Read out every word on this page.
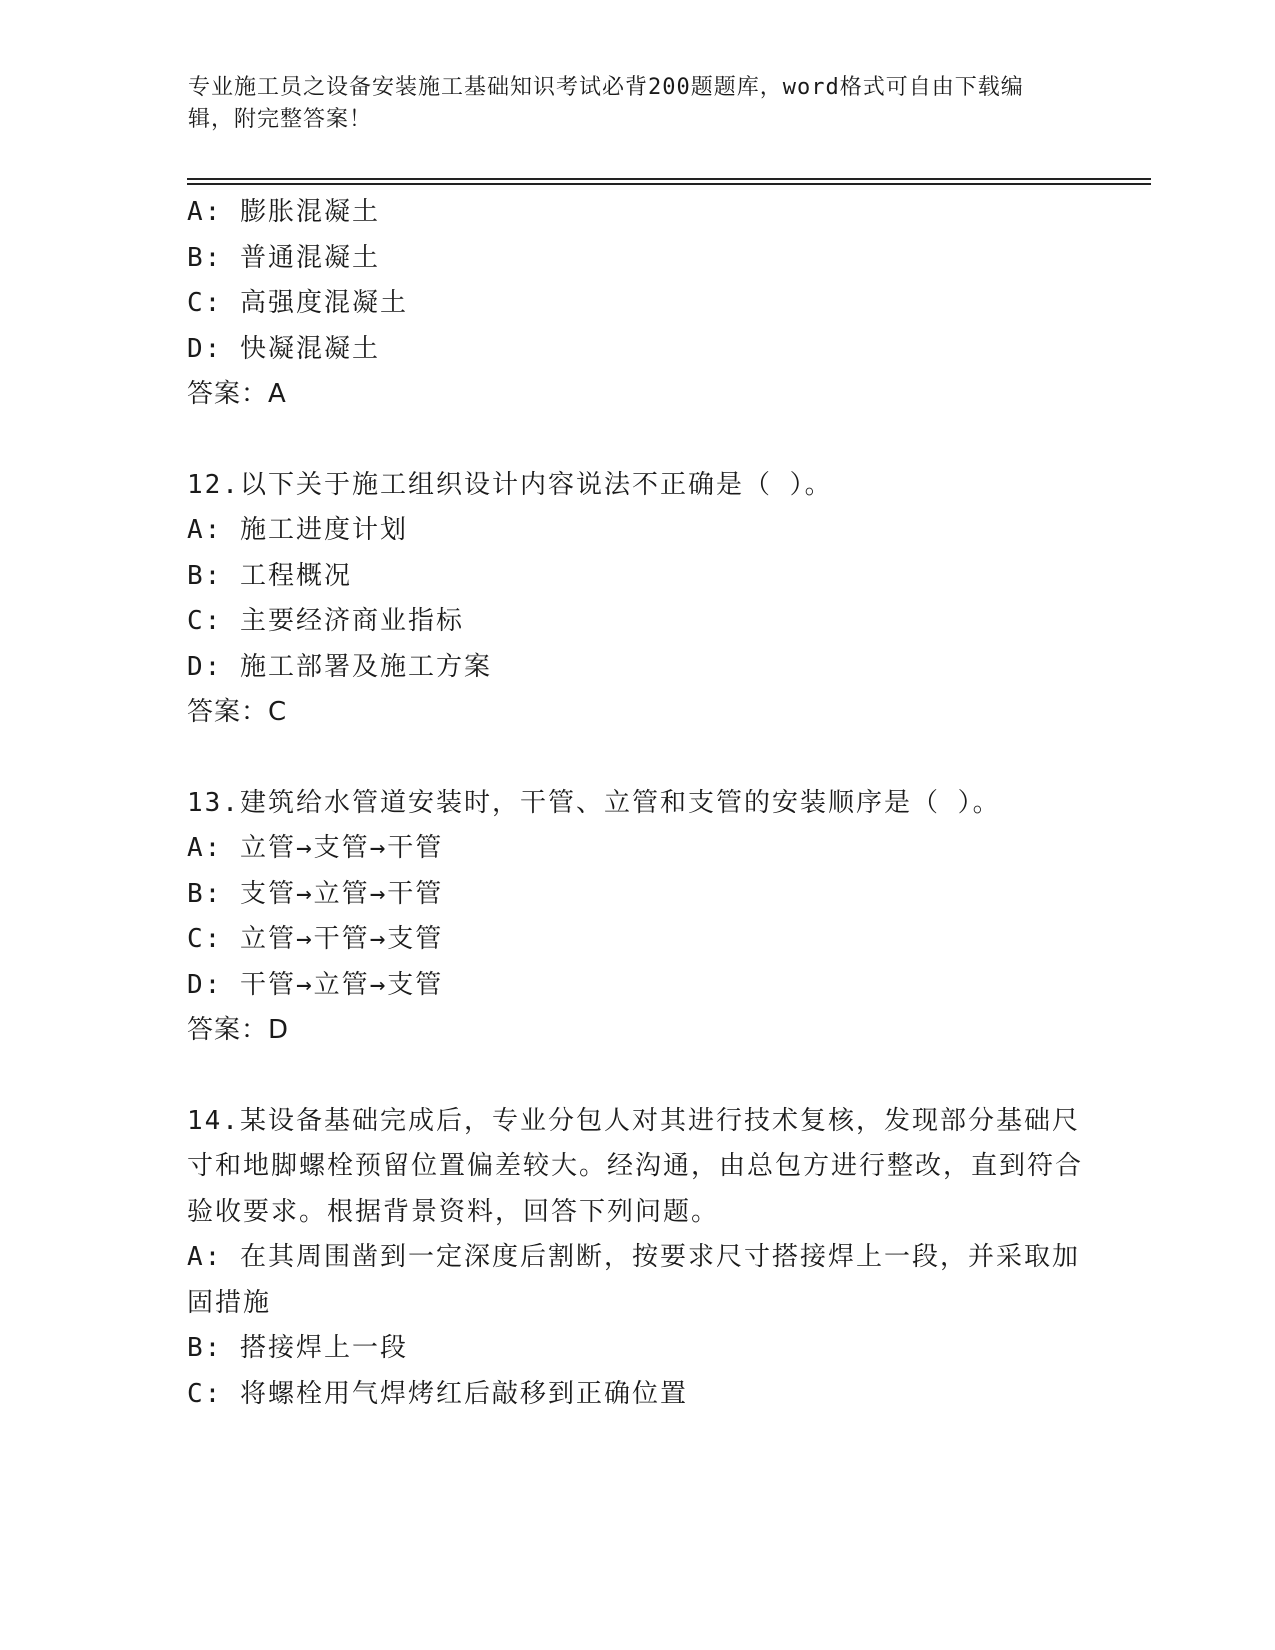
专业施工员之设备安装施工基础知识考试必背200题题库，word格式可自由下载编辑，附完整答案！
A: 膨胀混凝土
B: 普通混凝土
C: 高强度混凝土
D: 快凝混凝土
答案：A
12.以下关于施工组织设计内容说法不正确是（ ）。
A: 施工进度计划
B: 工程概况
C: 主要经济商业指标
D: 施工部署及施工方案
答案：C
13.建筑给水管道安装时，干管、立管和支管的安装顺序是（ ）。
A: 立管→支管→干管
B: 支管→立管→干管
C: 立管→干管→支管
D: 干管→立管→支管
答案：D
14.某设备基础完成后，专业分包人对其进行技术复核，发现部分基础尺寸和地脚螺栓预留位置偏差较大。经沟通，由总包方进行整改，直到符合验收要求。根据背景资料，回答下列问题。
A: 在其周围凿到一定深度后割断，按要求尺寸搭接焊上一段，并采取加固措施
B: 搭接焊上一段
C: 将螺栓用气焊烤红后敲移到正确位置
